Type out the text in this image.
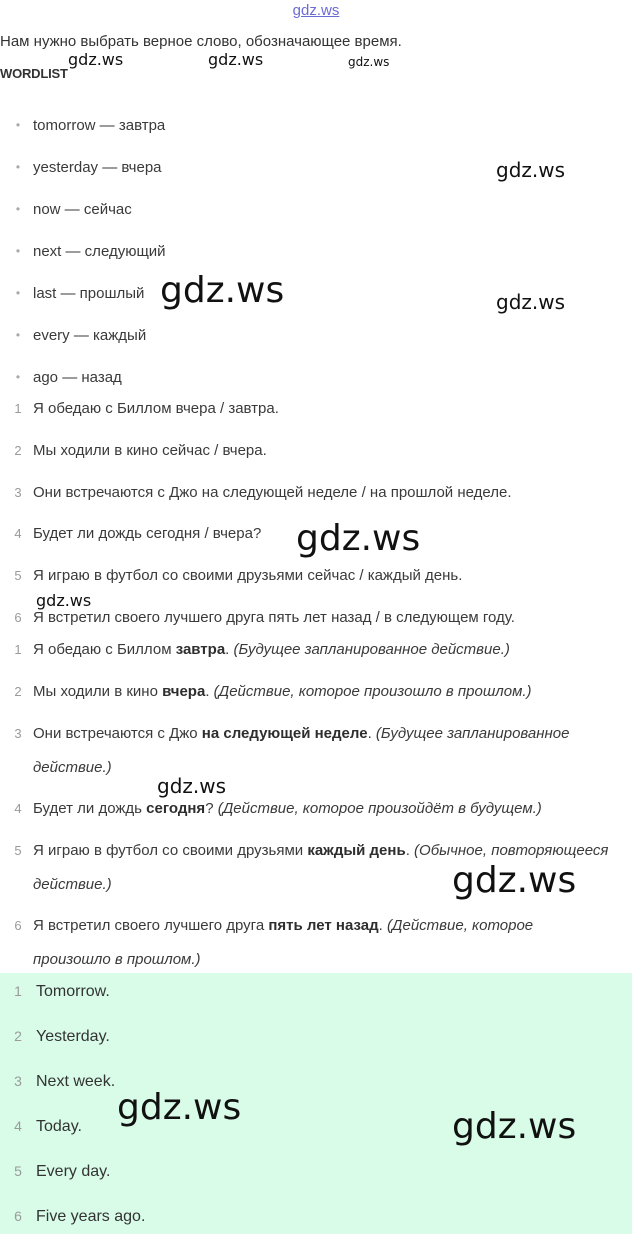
gdz.ws
Нам нужно выбрать верное слово, обозначающее время.
WORDLIST
• tomorrow — завтра
• yesterday — вчера
• now — сейчас
• next — следующий
• last — прошлый
• every — каждый
• ago — назад
1 Я обедаю с Биллом вчера / завтра.
2 Мы ходили в кино сейчас / вчера.
3 Они встречаются с Джо на следующей неделе / на прошлой неделе.
4 Будет ли дождь сегодня / вчера?
5 Я играю в футбол со своими друзьями сейчас / каждый день.
6 Я встретил своего лучшего друга пять лет назад / в следующем году.
1 Я обедаю с Биллом завтра. (Будущее запланированное действие.)
2 Мы ходили в кино вчера. (Действие, которое произошло в прошлом.)
3 Они встречаются с Джо на следующей неделе. (Будущее запланированное действие.)
4 Будет ли дождь сегодня? (Действие, которое произойдёт в будущем.)
5 Я играю в футбол со своими друзьями каждый день. (Обычное, повторяющееся действие.)
6 Я встретил своего лучшего друга пять лет назад. (Действие, которое произошло в прошлом.)
1 Tomorrow.
2 Yesterday.
3 Next week.
4 Today.
5 Every day.
6 Five years ago.
gdz.ws	gdz.ws	gdz.ws
gdz.ws
gdz.ws	gdz.ws
gdz.ws
gdz.ws
gdz.ws
gdz.ws
gdz.ws	gdz.ws
